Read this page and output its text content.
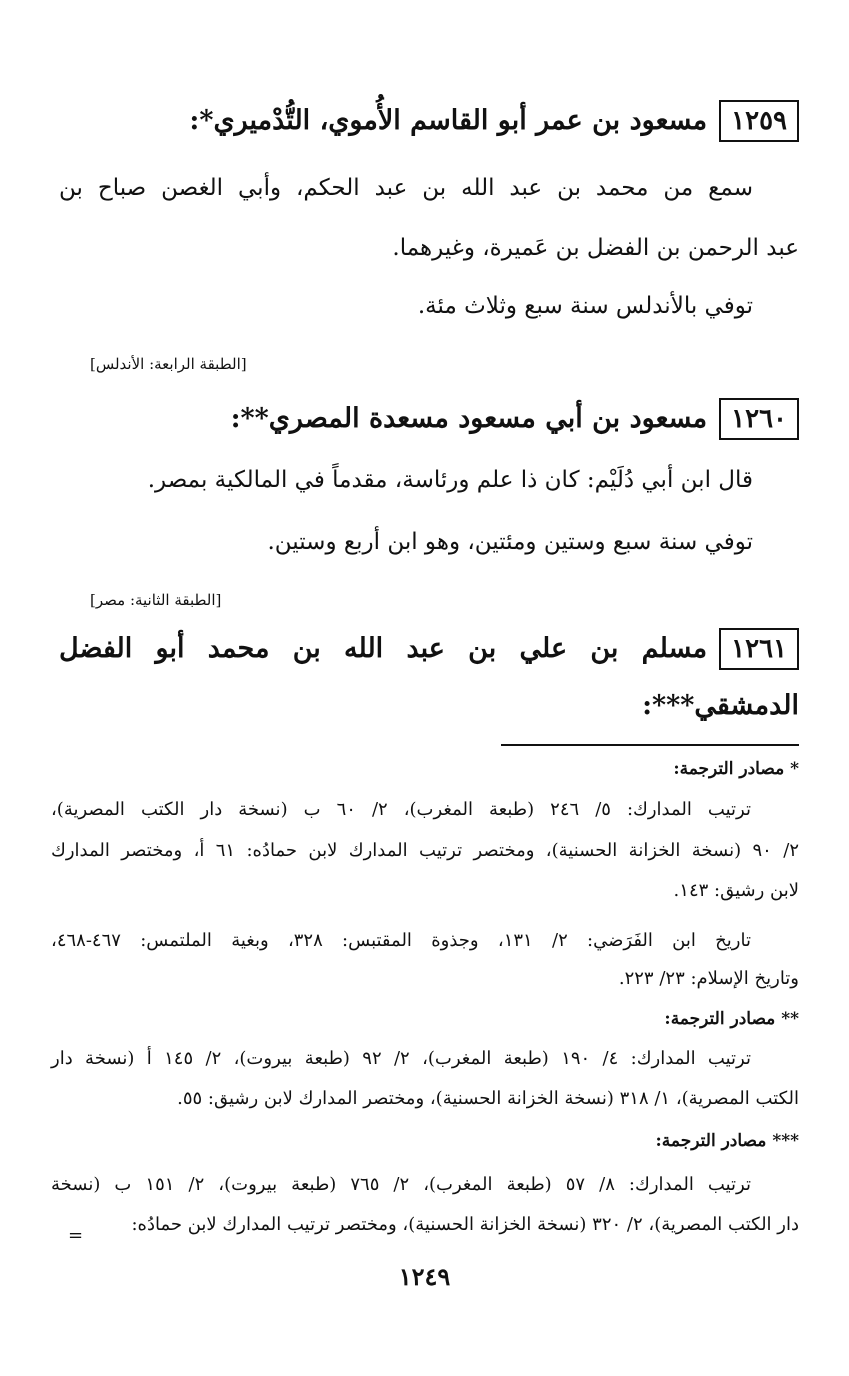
١٢٥٩
مسعود بن عمر أبو القاسم الأُموي، التُّدْميري*:
سمع من محمد بن عبد الله بن عبد الحكم، وأبي الغصن صباح بن
عبد الرحمن بن الفضل بن عَميرة، وغيرهما.
توفي بالأندلس سنة سبع وثلاث مئة.
[الطبقة الرابعة: الأندلس]
١٢٦٠
مسعود بن أبي مسعود مسعدة المصري**:
قال ابن أبي دُلَيْم: كان ذا علم ورئاسة، مقدماً في المالكية بمصر.
توفي سنة سبع وستين ومئتين، وهو ابن أربع وستين.
[الطبقة الثانية: مصر]
١٢٦١
مسلم بن علي بن عبد الله بن محمد أبو الفضل
الدمشقي***:
* مصادر الترجمة:
ترتيب المدارك: ٥/ ٢٤٦ (طبعة المغرب)، ٢/ ٦٠ ب (نسخة دار الكتب المصرية)،
٢/ ٩٠ (نسخة الخزانة الحسنية)، ومختصر ترتيب المدارك لابن حمادُه: ٦١ أ، ومختصر المدارك
لابن رشيق: ١٤٣.
تاريخ ابن الفَرَضي: ٢/ ١٣١، وجذوة المقتبس: ٣٢٨، وبغية الملتمس: ٤٦٧-٤٦٨،
وتاريخ الإسلام: ٢٣/ ٢٢٣.
** مصادر الترجمة:
ترتيب المدارك: ٤/ ١٩٠ (طبعة المغرب)، ٢/ ٩٢ (طبعة بيروت)، ٢/ ١٤٥ أ (نسخة دار
الكتب المصرية)، ١/ ٣١٨ (نسخة الخزانة الحسنية)، ومختصر المدارك لابن رشيق: ٥٥.
*** مصادر الترجمة:
ترتيب المدارك: ٨/ ٥٧ (طبعة المغرب)، ٢/ ٧٦٥ (طبعة بيروت)، ٢/ ١٥١ ب (نسخة
دار الكتب المصرية)، ٢/ ٣٢٠ (نسخة الخزانة الحسنية)، ومختصر ترتيب المدارك لابن حمادُه:
=
١٢٤٩
